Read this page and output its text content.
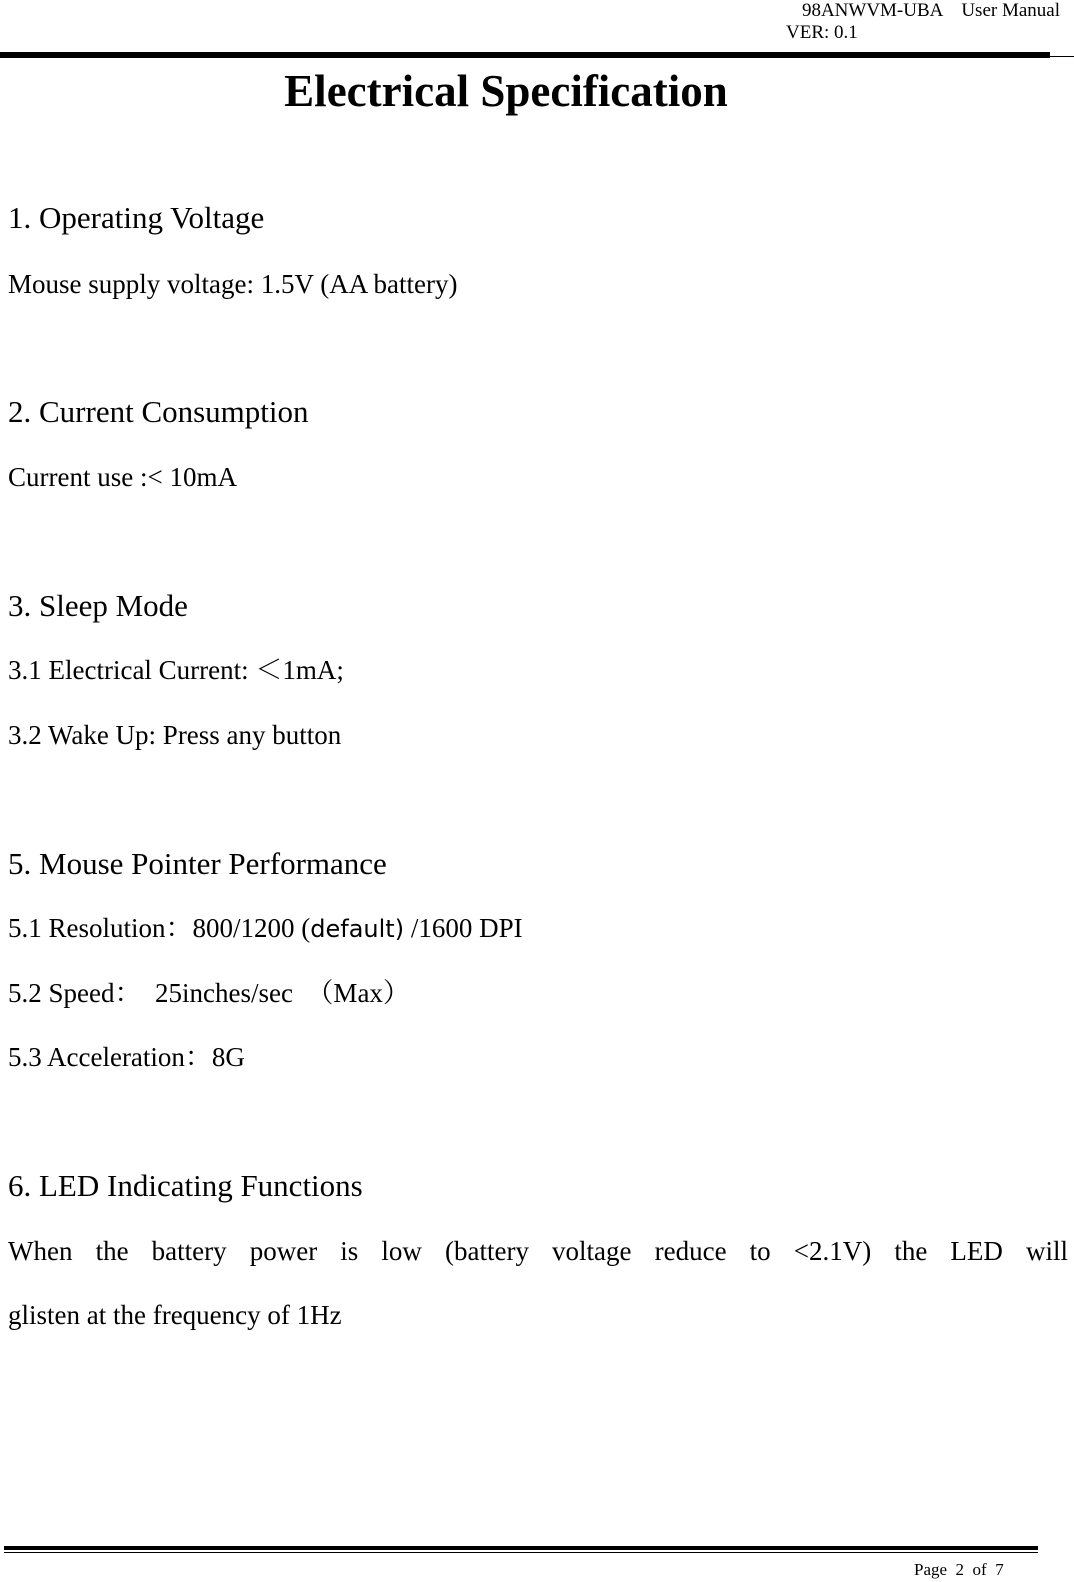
98ANWVM-UBA    User Manual
VER: 0.1
Electrical Specification
1. Operating Voltage
Mouse supply voltage: 1.5V (AA battery)
2. Current Consumption
Current use :< 10mA
3. Sleep Mode
3.1 Electrical Current: ＜1mA;
3.2 Wake Up: Press any button
5. Mouse Pointer Performance
5.1 Resolution：800/1200 (default) /1600 DPI
5.2 Speed：  25inches/sec  （Max）
5.3 Acceleration：8G
6. LED Indicating Functions
When the battery power is low (battery voltage reduce to <2.1V) the LED will
glisten at the frequency of 1Hz
Page  2  of  7
